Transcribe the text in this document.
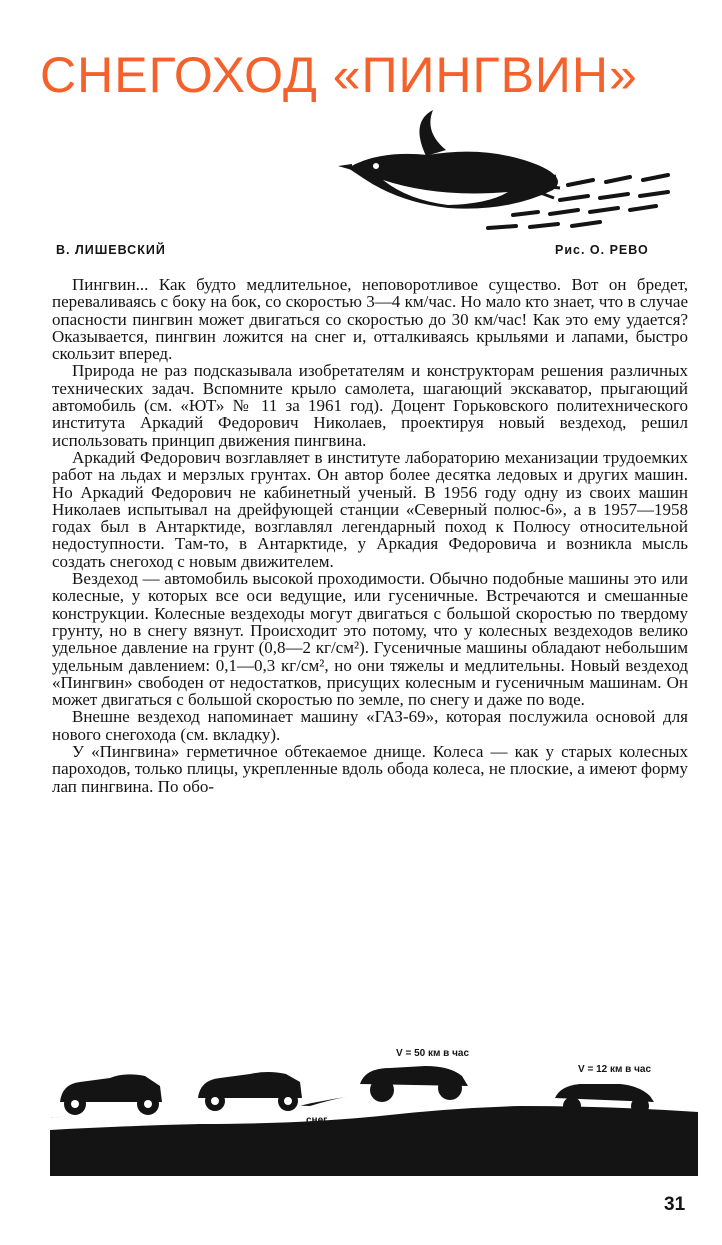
СНЕГОХОД «ПИНГВИН»
В. ЛИШЕВСКИЙ	Рис. О. РЕВО

Пингвин... Как будто медлительное, неповоротливое существо. Вот он бредет, переваливаясь с боку на бок, со скоростью 3—4 км/час. Но мало кто знает, что в случае опасности пингвин может двигаться со скоростью до 30 км/час! Как это ему удается? Оказывается, пингвин ложится на снег и, отталкиваясь крыльями и лапами, быстро скользит вперед.

Природа не раз подсказывала изобретателям и конструкторам решения различных технических задач. Вспомните крыло самолета, шагающий экскаватор, прыгающий автомобиль (см. «ЮТ» № 11 за 1961 год). Доцент Горьковского политехнического института Аркадий Федорович Николаев, проектируя новый вездеход, решил использовать принцип движения пингвина.

Аркадий Федорович возглавляет в институте лабораторию механизации трудоемких работ на льдах и мерзлых грунтах. Он автор более десятка ледовых и других машин. Но Аркадий Федорович не кабинетный ученый. В 1956 году одну из своих машин Николаев испытывал на дрейфующей станции «Северный полюс-6», а в 1957—1958 годах был в Антарктиде, возглавлял легендарный поход к Полюсу относительной недоступности. Там-то, в Антарктиде, у Аркадия Федоровича и возникла мысль создать снегоход с новым движителем.

Вездеход — автомобиль высокой проходимости. Обычно подобные машины это или колесные, у которых все оси ведущие, или гусеничные. Встречаются и смешанные конструкции. Колесные вездеходы могут двигаться с большой скоростью по твердому грунту, но в снегу вязнут. Происходит это потому, что у колесных вездеходов велико удельное давление на грунт (0,8—2 кг/см²). Гусеничные машины обладают небольшим удельным давлением: 0,1—0,3 кг/см², но они тяжелы и медлительны. Новый вездеход «Пингвин» свободен от недостатков, присущих колесным и гусеничным машинам. Он может двигаться с большой скоростью по земле, по снегу и даже по воде.

Внешне вездеход напоминает машину «ГАЗ-69», которая послужила основой для нового снегохода (см. вкладку).

У «Пингвина» герметичное обтекаемое днище. Колеса — как у старых колесных пароходов, только плицы, укрепленные вдоль обода колеса, не плоские, а имеют форму лап пингвина. По обо-

V = 50 км в час
V = 12 км в час
снег
31
